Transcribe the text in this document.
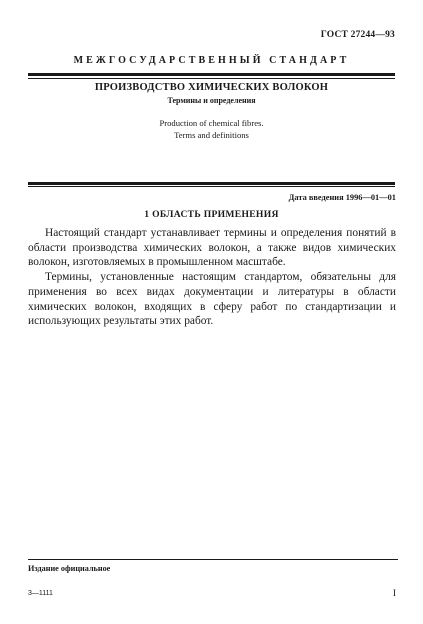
ГОСТ 27244—93
МЕЖГОСУДАРСТВЕННЫЙ СТАНДАРТ
ПРОИЗВОДСТВО ХИМИЧЕСКИХ ВОЛОКОН
Термины и определения
Production of chemical fibres.
Terms and definitions
Дата введения 1996—01—01
1 ОБЛАСТЬ ПРИМЕНЕНИЯ

Настоящий стандарт устанавливает термины и определения понятий в области производства химических волокон, а также видов химических волокон, изготовляемых в промышленном масштабе.

Термины, установленные настоящим стандартом, обязательны для применения во всех видах документации и литературы в области химических волокон, входящих в сферу работ по стандартизации и использующих результаты этих работ.

Издание официальное
3—1111	I
